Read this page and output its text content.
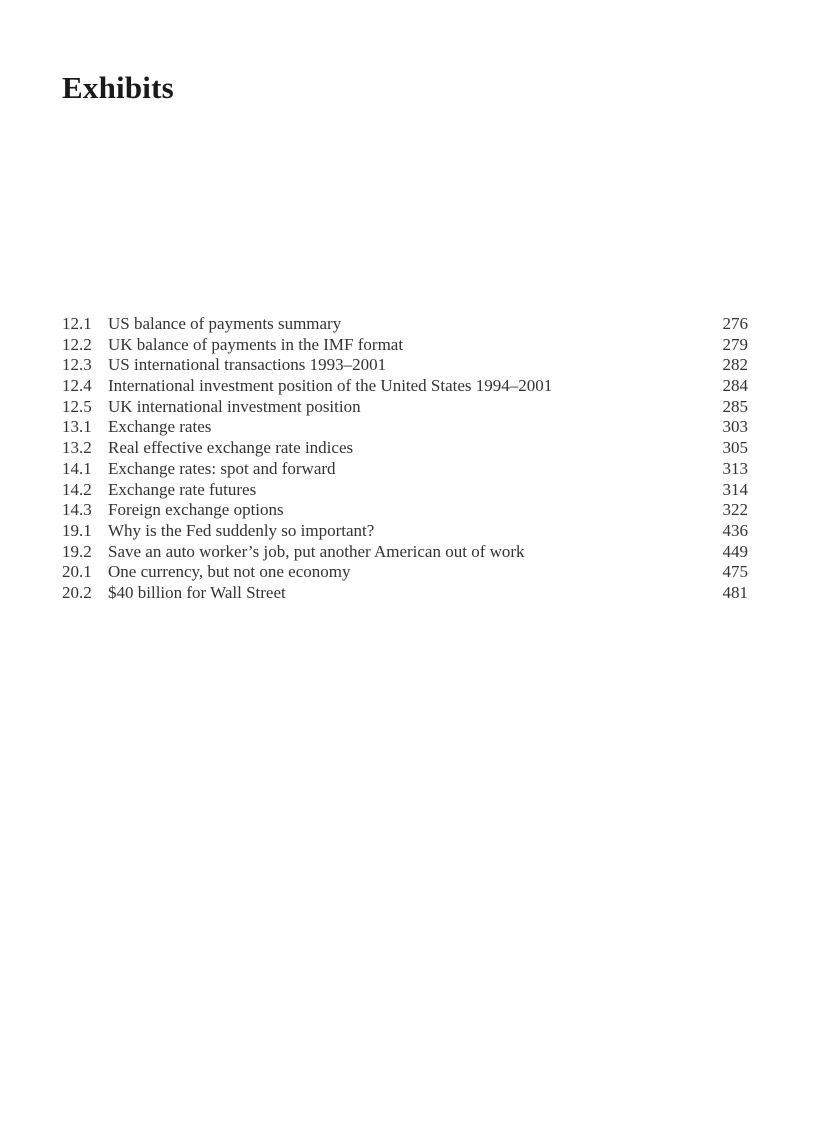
Exhibits
12.1 US balance of payments summary	276
12.2 UK balance of payments in the IMF format	279
12.3 US international transactions 1993–2001	282
12.4 International investment position of the United States 1994–2001	284
12.5 UK international investment position	285
13.1 Exchange rates	303
13.2 Real effective exchange rate indices	305
14.1 Exchange rates: spot and forward	313
14.2 Exchange rate futures	314
14.3 Foreign exchange options	322
19.1 Why is the Fed suddenly so important?	436
19.2 Save an auto worker’s job, put another American out of work	449
20.1 One currency, but not one economy	475
20.2 $40 billion for Wall Street	481
